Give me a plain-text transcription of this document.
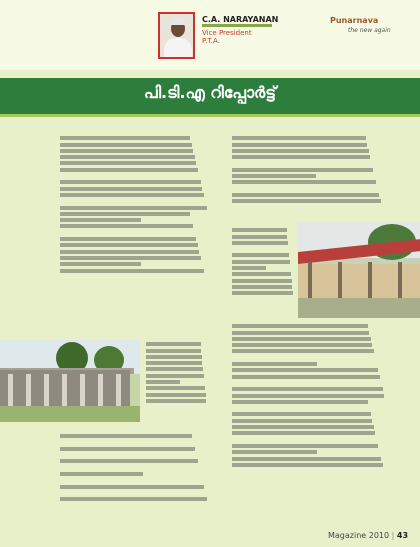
C.A. NARAYANAN
Vice President
P.T.A.
Punarnava
the new again
പി.ടി.എ റിപ്പോർട്ട്
Magazine 2010 | 43
